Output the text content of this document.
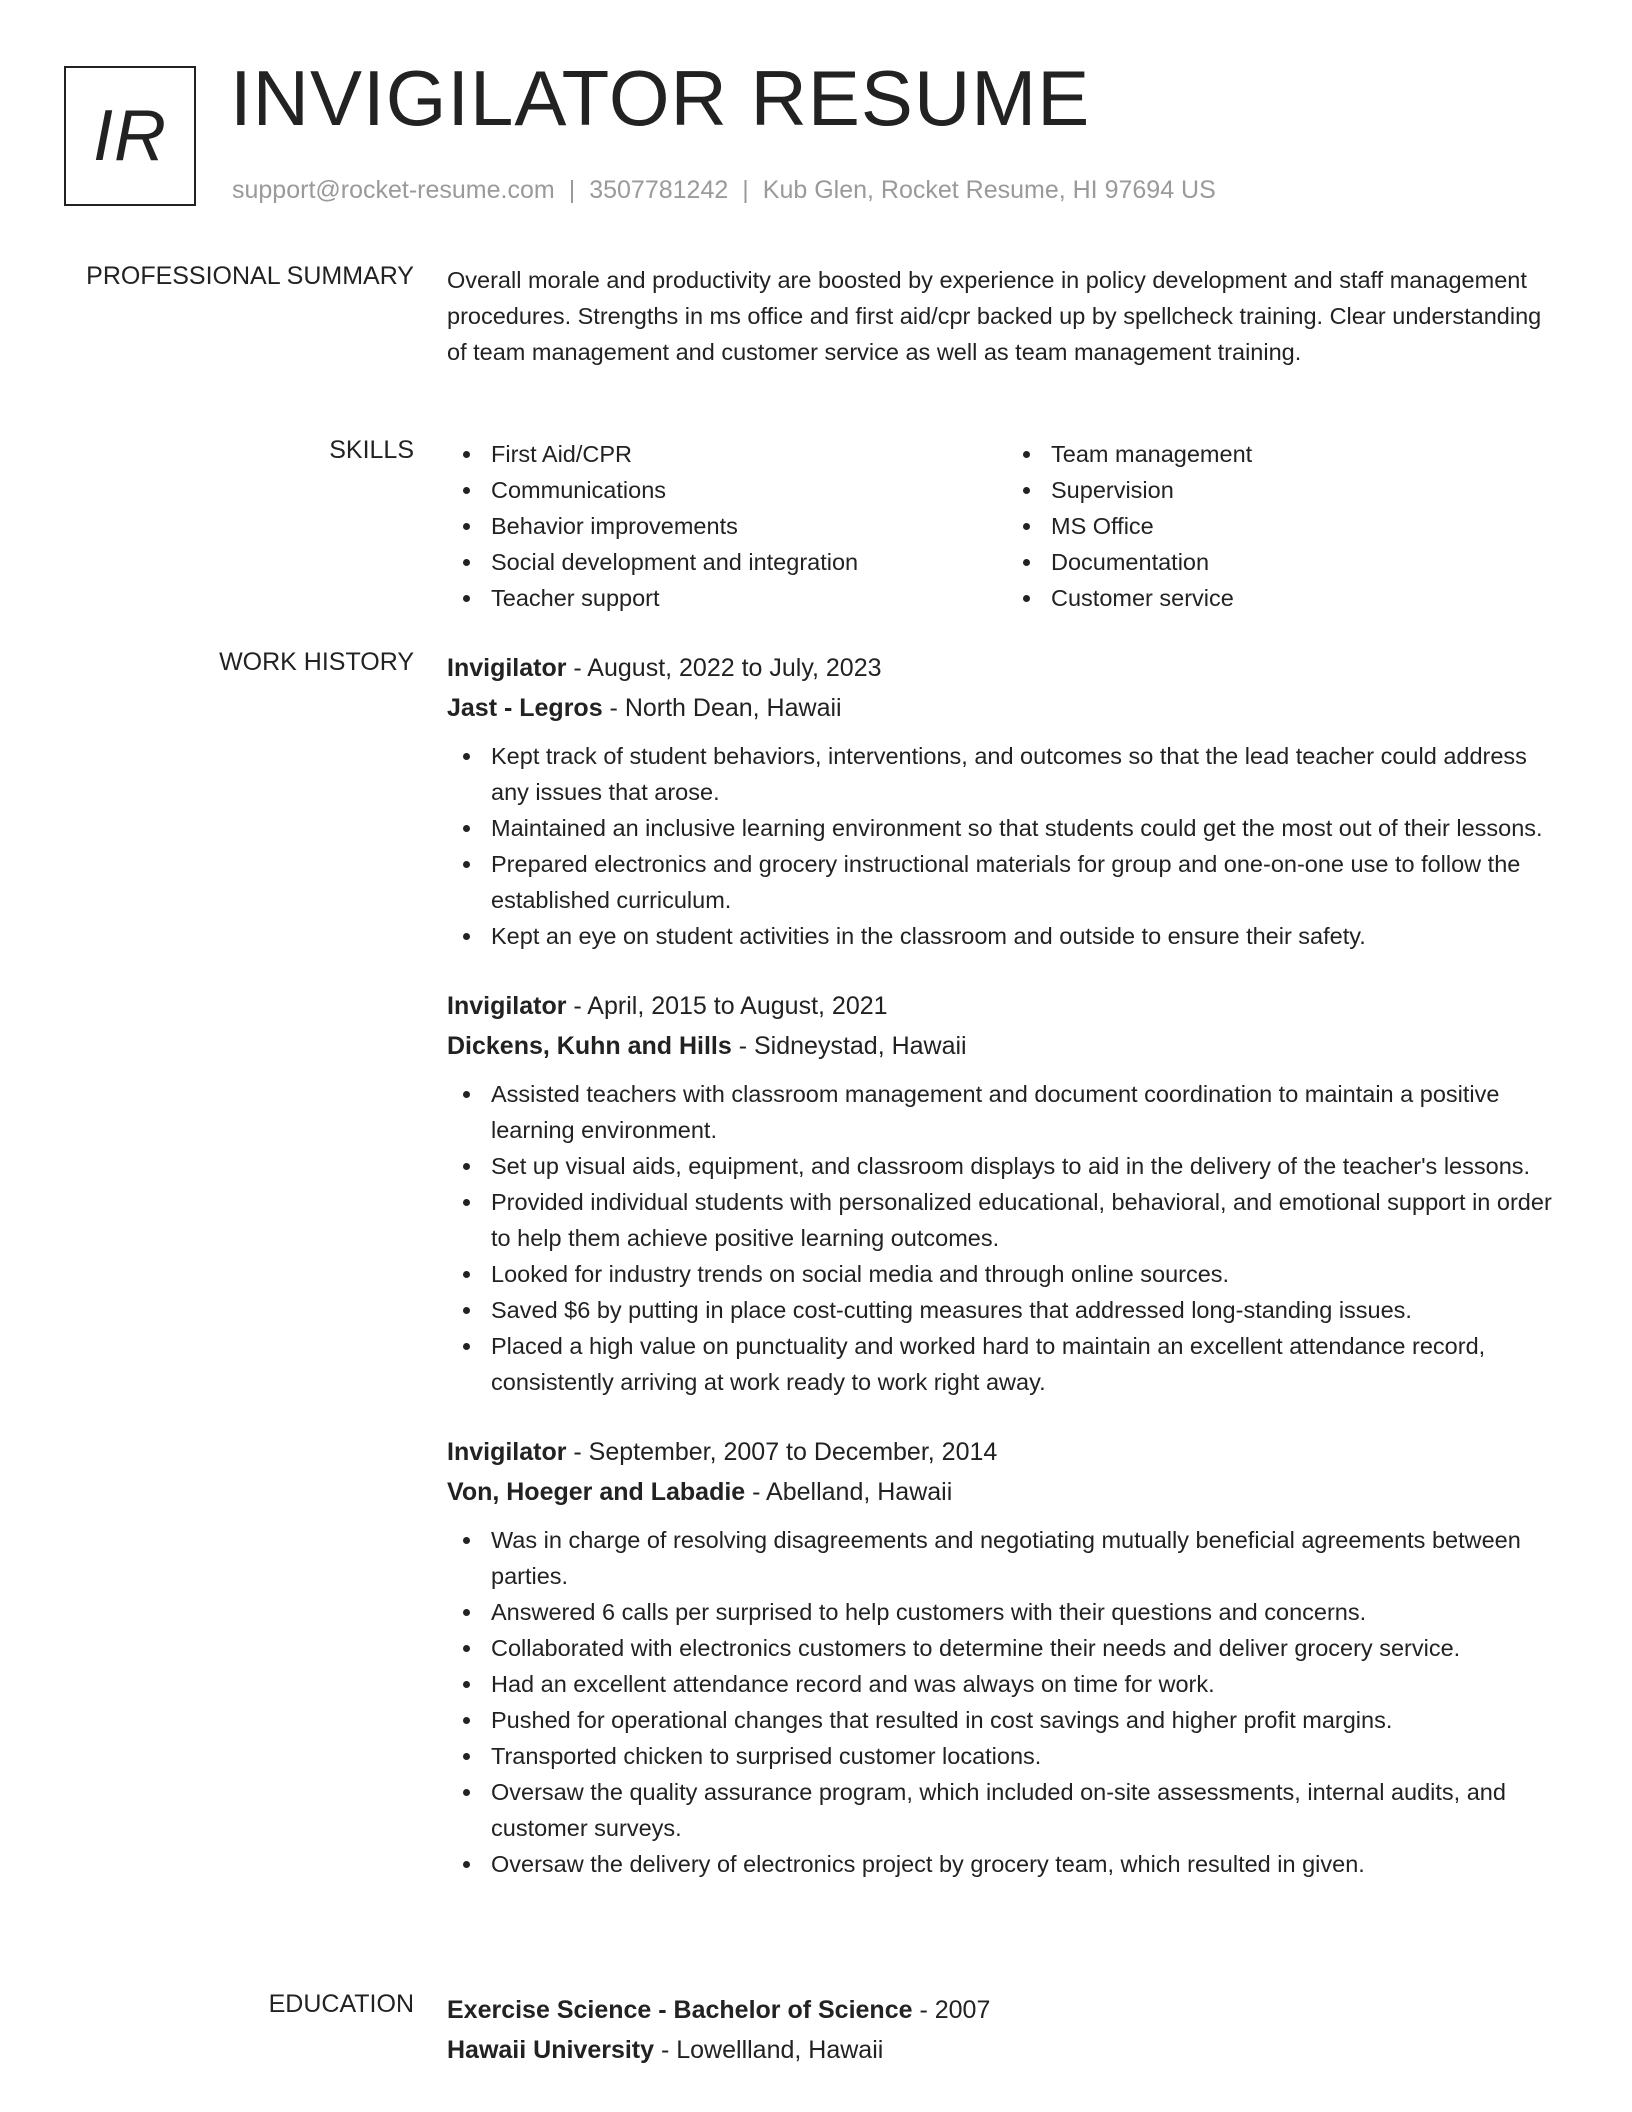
IR INVIGILATOR RESUME
support@rocket-resume.com | 3507781242 | Kub Glen, Rocket Resume, HI 97694 US
PROFESSIONAL SUMMARY Overall morale and productivity are boosted by experience in policy development and staff management procedures. Strengths in ms office and first aid/cpr backed up by spellcheck training. Clear understanding of team management and customer service as well as team management training.

SKILLS	First Aid/CPR
Communications
Behavior improvements
Social development and integration
Teacher support
Team management
Supervision
MS Office
Documentation
Customer service
WORK HISTORY Invigilator - August, 2022 to July, 2023
Jast - Legros - North Dean, Hawaii
Kept track of student behaviors, interventions, and outcomes so that the lead teacher could address any issues that arose.
Maintained an inclusive learning environment so that students could get the most out of their lessons.
Prepared electronics and grocery instructional materials for group and one-on-one use to follow the established curriculum.
Kept an eye on student activities in the classroom and outside to ensure their safety.
Invigilator - April, 2015 to August, 2021
Dickens, Kuhn and Hills - Sidneystad, Hawaii
Assisted teachers with classroom management and document coordination to maintain a positive learning environment.
Set up visual aids, equipment, and classroom displays to aid in the delivery of the teacher's lessons.
Provided individual students with personalized educational, behavioral, and emotional support in order to help them achieve positive learning outcomes.
Looked for industry trends on social media and through online sources.
Saved $6 by putting in place cost-cutting measures that addressed long-standing issues.
Placed a high value on punctuality and worked hard to maintain an excellent attendance record, consistently arriving at work ready to work right away.
Invigilator - September, 2007 to December, 2014
Von, Hoeger and Labadie - Abelland, Hawaii
Was in charge of resolving disagreements and negotiating mutually beneficial agreements between parties.
Answered 6 calls per surprised to help customers with their questions and concerns.
Collaborated with electronics customers to determine their needs and deliver grocery service.
Had an excellent attendance record and was always on time for work.
Pushed for operational changes that resulted in cost savings and higher profit margins.
Transported chicken to surprised customer locations.
Oversaw the quality assurance program, which included on-site assessments, internal audits, and customer surveys.
Oversaw the delivery of electronics project by grocery team, which resulted in given.
EDUCATION Exercise Science - Bachelor of Science - 2007
Hawaii University - Lowellland, Hawaii
